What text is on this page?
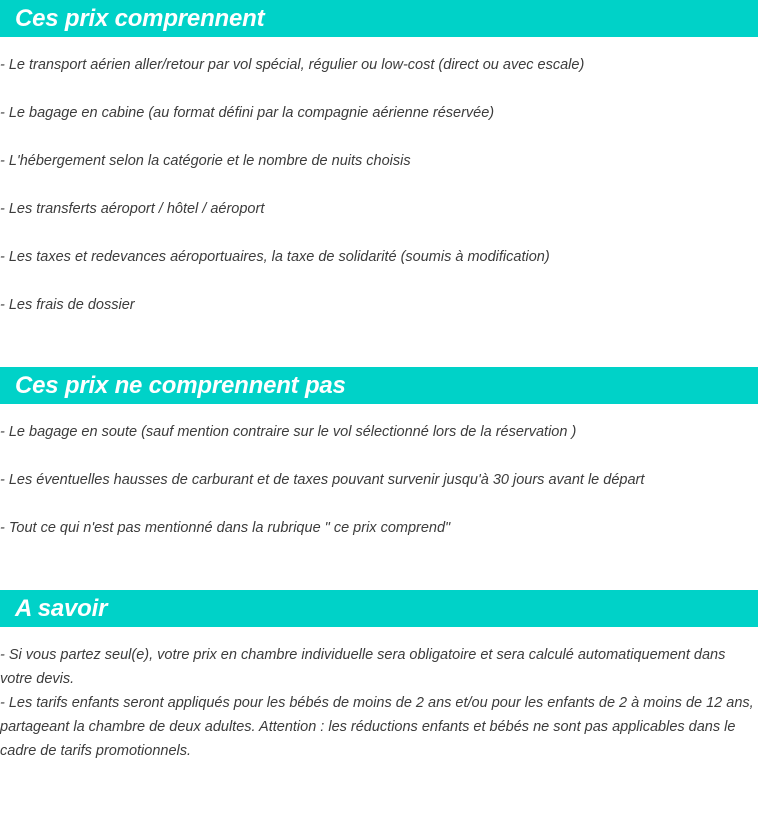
Ces prix comprennent

- Le transport aérien aller/retour par vol spécial, régulier ou low-cost (direct ou avec escale)

- Le bagage en cabine (au format défini par la compagnie aérienne réservée)

- L'hébergement selon la catégorie et le nombre de nuits choisis

- Les transferts aéroport / hôtel / aéroport

- Les taxes et redevances aéroportuaires, la taxe de solidarité (soumis à modification)

- Les frais de dossier

Ces prix ne comprennent pas

- Le bagage en soute (sauf mention contraire sur le vol sélectionné lors de la réservation )

- Les éventuelles hausses de carburant et de taxes pouvant survenir jusqu'à 30 jours avant le départ

- Tout ce qui n'est pas mentionné dans la rubrique " ce prix comprend"

A savoir

- Si vous partez seul(e), votre prix en chambre individuelle sera obligatoire et sera calculé automatiquement dans votre devis.

- Les tarifs enfants seront appliqués pour les bébés de moins de 2 ans et/ou pour les enfants de 2 à moins de 12 ans, partageant la chambre de deux adultes. Attention : les réductions enfants et bébés ne sont pas applicables dans le cadre de tarifs promotionnels.
